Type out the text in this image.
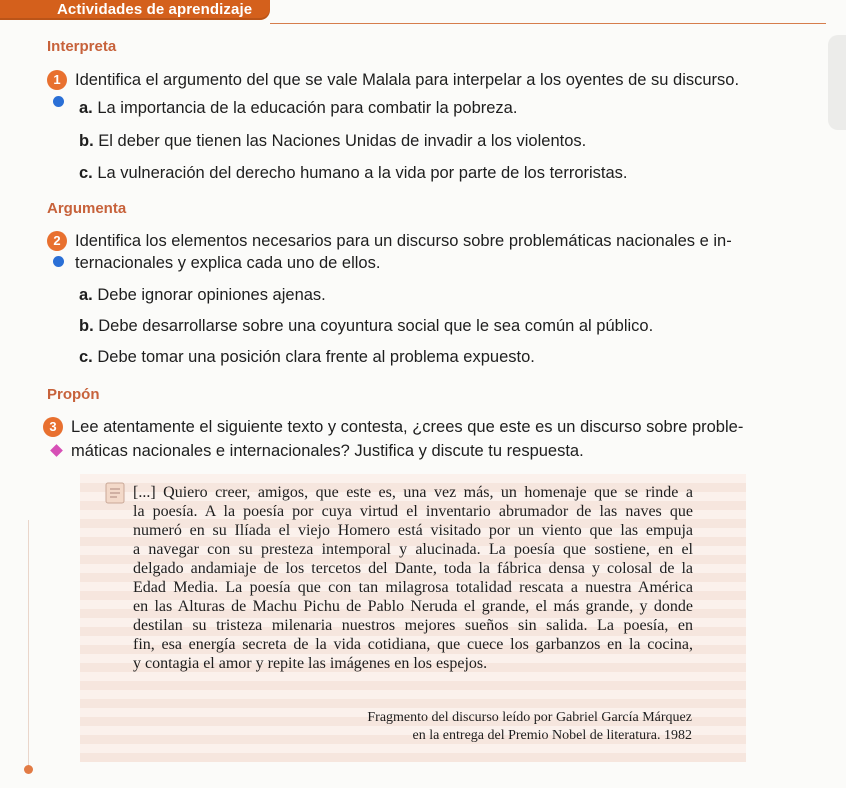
Actividades de aprendizaje
Interpreta
1 Identifica el argumento del que se vale Malala para interpelar a los oyentes de su discurso.
a. La importancia de la educación para combatir la pobreza.
b. El deber que tienen las Naciones Unidas de invadir a los violentos.
c. La vulneración del derecho humano a la vida por parte de los terroristas.
Argumenta
2 Identifica los elementos necesarios para un discurso sobre problemáticas nacionales e in-
ternacionales y explica cada uno de ellos.
a. Debe ignorar opiniones ajenas.
b. Debe desarrollarse sobre una coyuntura social que le sea común al público.
c. Debe tomar una posición clara frente al problema expuesto.
Propón
3 Lee atentamente el siguiente texto y contesta, ¿crees que este es un discurso sobre proble-
máticas nacionales e internacionales? Justifica y discute tu respuesta.
[...] Quiero creer, amigos, que este es, una vez más, un homenaje que se rinde a
la poesía. A la poesía por cuya virtud el inventario abrumador de las naves que
numeró en su Ilíada el viejo Homero está visitado por un viento que las empuja
a navegar con su presteza intemporal y alucinada. La poesía que sostiene, en el
delgado andamiaje de los tercetos del Dante, toda la fábrica densa y colosal de la
Edad Media. La poesía que con tan milagrosa totalidad rescata a nuestra América
en las Alturas de Machu Pichu de Pablo Neruda el grande, el más grande, y donde
destilan su tristeza milenaria nuestros mejores sueños sin salida. La poesía, en
fin, esa energía secreta de la vida cotidiana, que cuece los garbanzos en la cocina,
y contagia el amor y repite las imágenes en los espejos.
Fragmento del discurso leído por Gabriel García Márquez
en la entrega del Premio Nobel de literatura. 1982
